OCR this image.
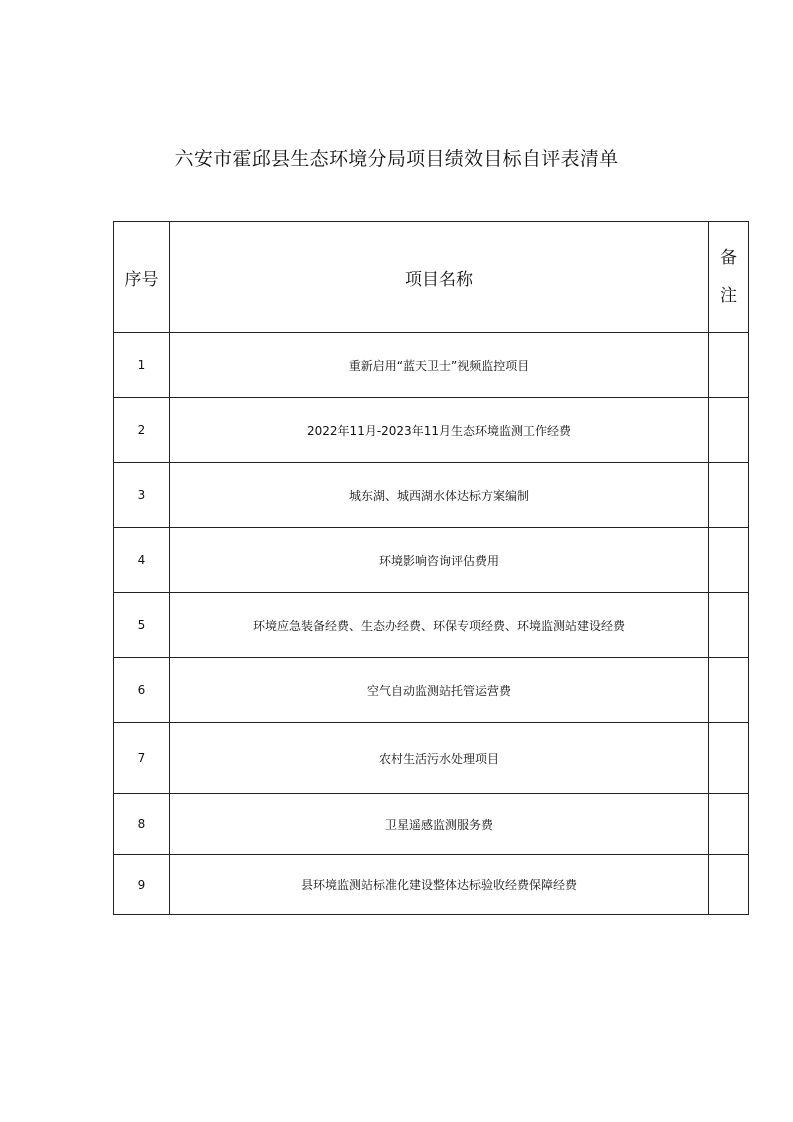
六安市霍邱县生态环境分局项目绩效目标自评表清单
序号	项目名称	备
注

1	重新启用“蓝天卫士”视频监控项目	
2	2022年11月-2023年11月生态环境监测工作经费	
3	城东湖、城西湖水体达标方案编制	
4	环境影响咨询评估费用	
5	环境应急装备经费、生态办经费、环保专项经费、环境监测站建设经费	
6	空气自动监测站托管运营费	
7	农村生活污水处理项目	
8	卫星遥感监测服务费	
9	县环境监测站标准化建设整体达标验收经费保障经费	
